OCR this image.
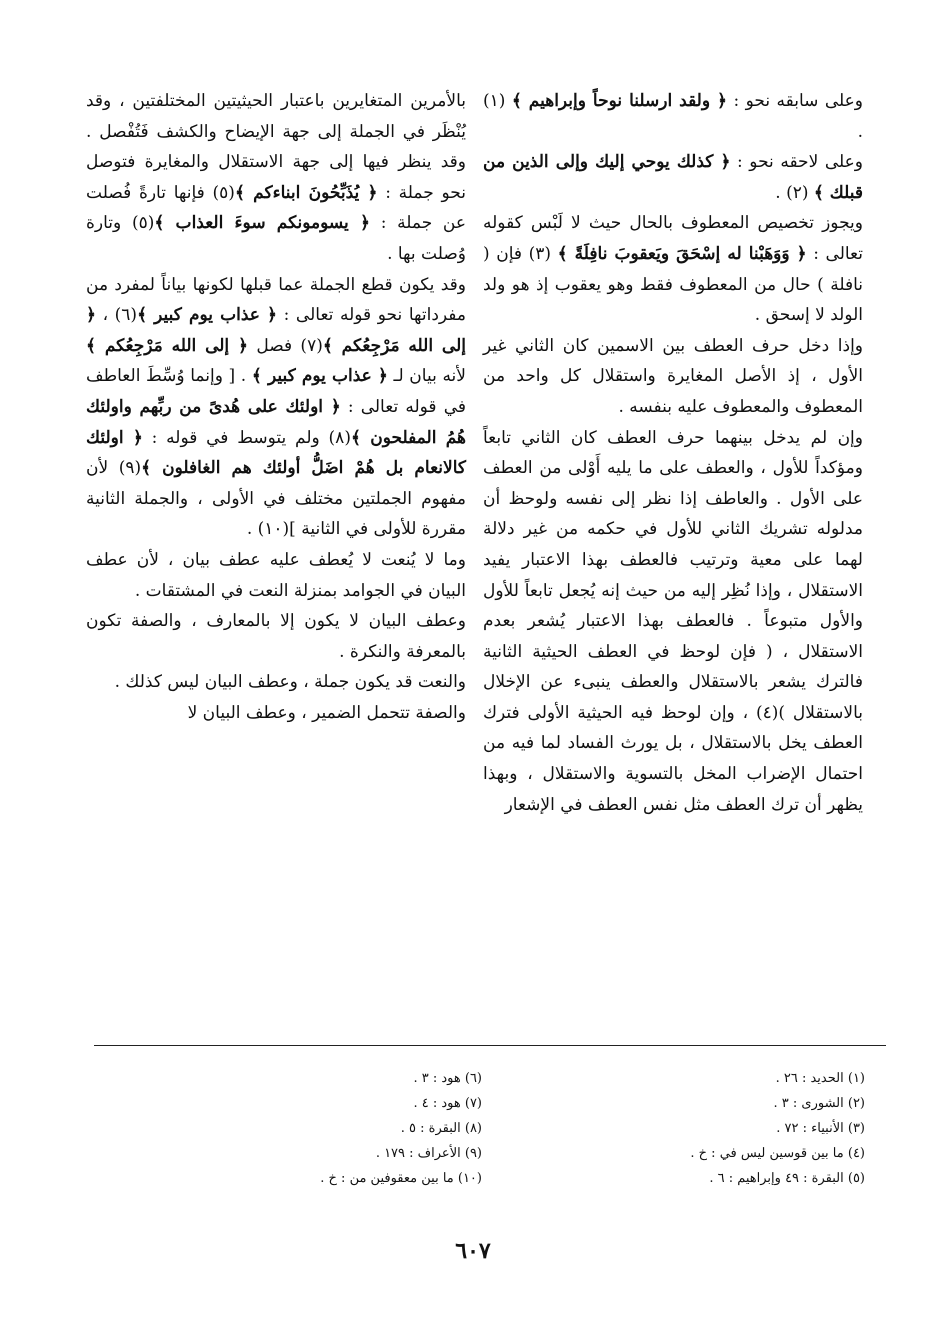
وعلى سابقه نحو : ﴿ ولقد ارسلنا نوحاً وإبراهيم ﴾ (١) .

وعلى لاحقه نحو : ﴿ كذلك يوحي إليك وإلى الذين من قبلك ﴾ (٢) .

ويجوز تخصيص المعطوف بالحال حيث لا لَبْس كقوله تعالى : ﴿ وَوَهَبْنا له إسْحَقَ ويَعقوبَ نافِلَةً ﴾ (٣) فإن ( نافلة ) حال من المعطوف فقط وهو يعقوب إذ هو ولد الولد لا إسحق .

وإذا دخل حرف العطف بين الاسمين كان الثاني غير الأول ، إذ الأصل المغايرة واستقلال كل واحد من المعطوف والمعطوف عليه بنفسه .

وإن لم يدخل بينهما حرف العطف كان الثاني تابعاً ومؤكداً للأول ، والعطف على ما يليه أَوْلى من العطف على الأول . والعاطف إذا نظر إلى نفسه ولوحظ أن مدلوله تشريك الثاني للأول في حكمه من غير دلالة لهما على معية وترتيب فالعطف بهذا الاعتبار يفيد الاستقلال ، وإذا نُظِر إليه من حيث إنه يُجعل تابعاً للأول والأول متبوعاً . فالعطف بهذا الاعتبار يُشعر بعدم الاستقلال ، ( فإن لوحظ في العطف الحيثية الثانية فالترك يشعر بالاستقلال والعطف ينبىء عن الإخلال بالاستقلال )(٤) ، وإن لوحظ فيه الحيثية الأولى فترك العطف يخل بالاستقلال ، بل يورث الفساد لما فيه من احتمال الإضراب المخل بالتسوية والاستقلال ، وبهذا يظهر أن ترك العطف مثل نفس العطف في الإشعار

بالأمرين المتغايرين باعتبار الحيثيتين المختلفتين ، وقد يُنْظَر في الجملة إلى جهة الإيضاح والكشف فَتُفْصل . وقد ينظر فيها إلى جهة الاستقلال والمغايرة فتوصل نحو جملة : ﴿ يُذَبِّحُونَ ابناءكم ﴾(٥) فإنها تارةً فُصلت عن جملة : ﴿ يسومونكم سوءَ العذاب ﴾(٥) وتارة وُصلت بها .

وقد يكون قطع الجملة عما قبلها لكونها بياناً لمفرد من مفرداتها نحو قوله تعالى : ﴿ عذاب يوم كبير ﴾(٦) ، ﴿ إلى الله مَرْجِعُكم ﴾(٧) فصل ﴿ إلى الله مَرْجِعُكم ﴾ لأنه بيان لـ ﴿ عذاب يوم كبير ﴾ . [ وإنما وُسِّطَ العاطف في قوله تعالى : ﴿ اولئك على هُدىً من ربِّهم واولئك هُمُ المفلحون ﴾(٨) ولم يتوسط في قوله : ﴿ اولئك كالانعام بل هُمْ اضَلُّ أولئك هم الغافلون ﴾(٩) لأن مفهوم الجملتين مختلف في الأولى ، والجملة الثانية مقررة للأولى في الثانية ](١٠) .

وما لا يُنعت لا يُعطف عليه عطف بيان ، لأن عطف البيان في الجوامد بمنزلة النعت في المشتقات .

وعطف البيان لا يكون إلا بالمعارف ، والصفة تكون بالمعرفة والنكرة .

والنعت قد يكون جملة ، وعطف البيان ليس كذلك .

والصفة تتحمل الضمير ، وعطف البيان لا

(١) الحديد : ٢٦ .

(٢) الشورى : ٣ .

(٣) الأنبياء : ٧٢ .

(٤) ما بين قوسين ليس في : خ .

(٥) البقرة : ٤٩ وإبراهيم : ٦ .

(٦) هود : ٣ .

(٧) هود : ٤ .

(٨) البقرة : ٥ .

(٩) الأعراف : ١٧٩ .

(١٠) ما بين معقوفين من : خ .

٦٠٧
